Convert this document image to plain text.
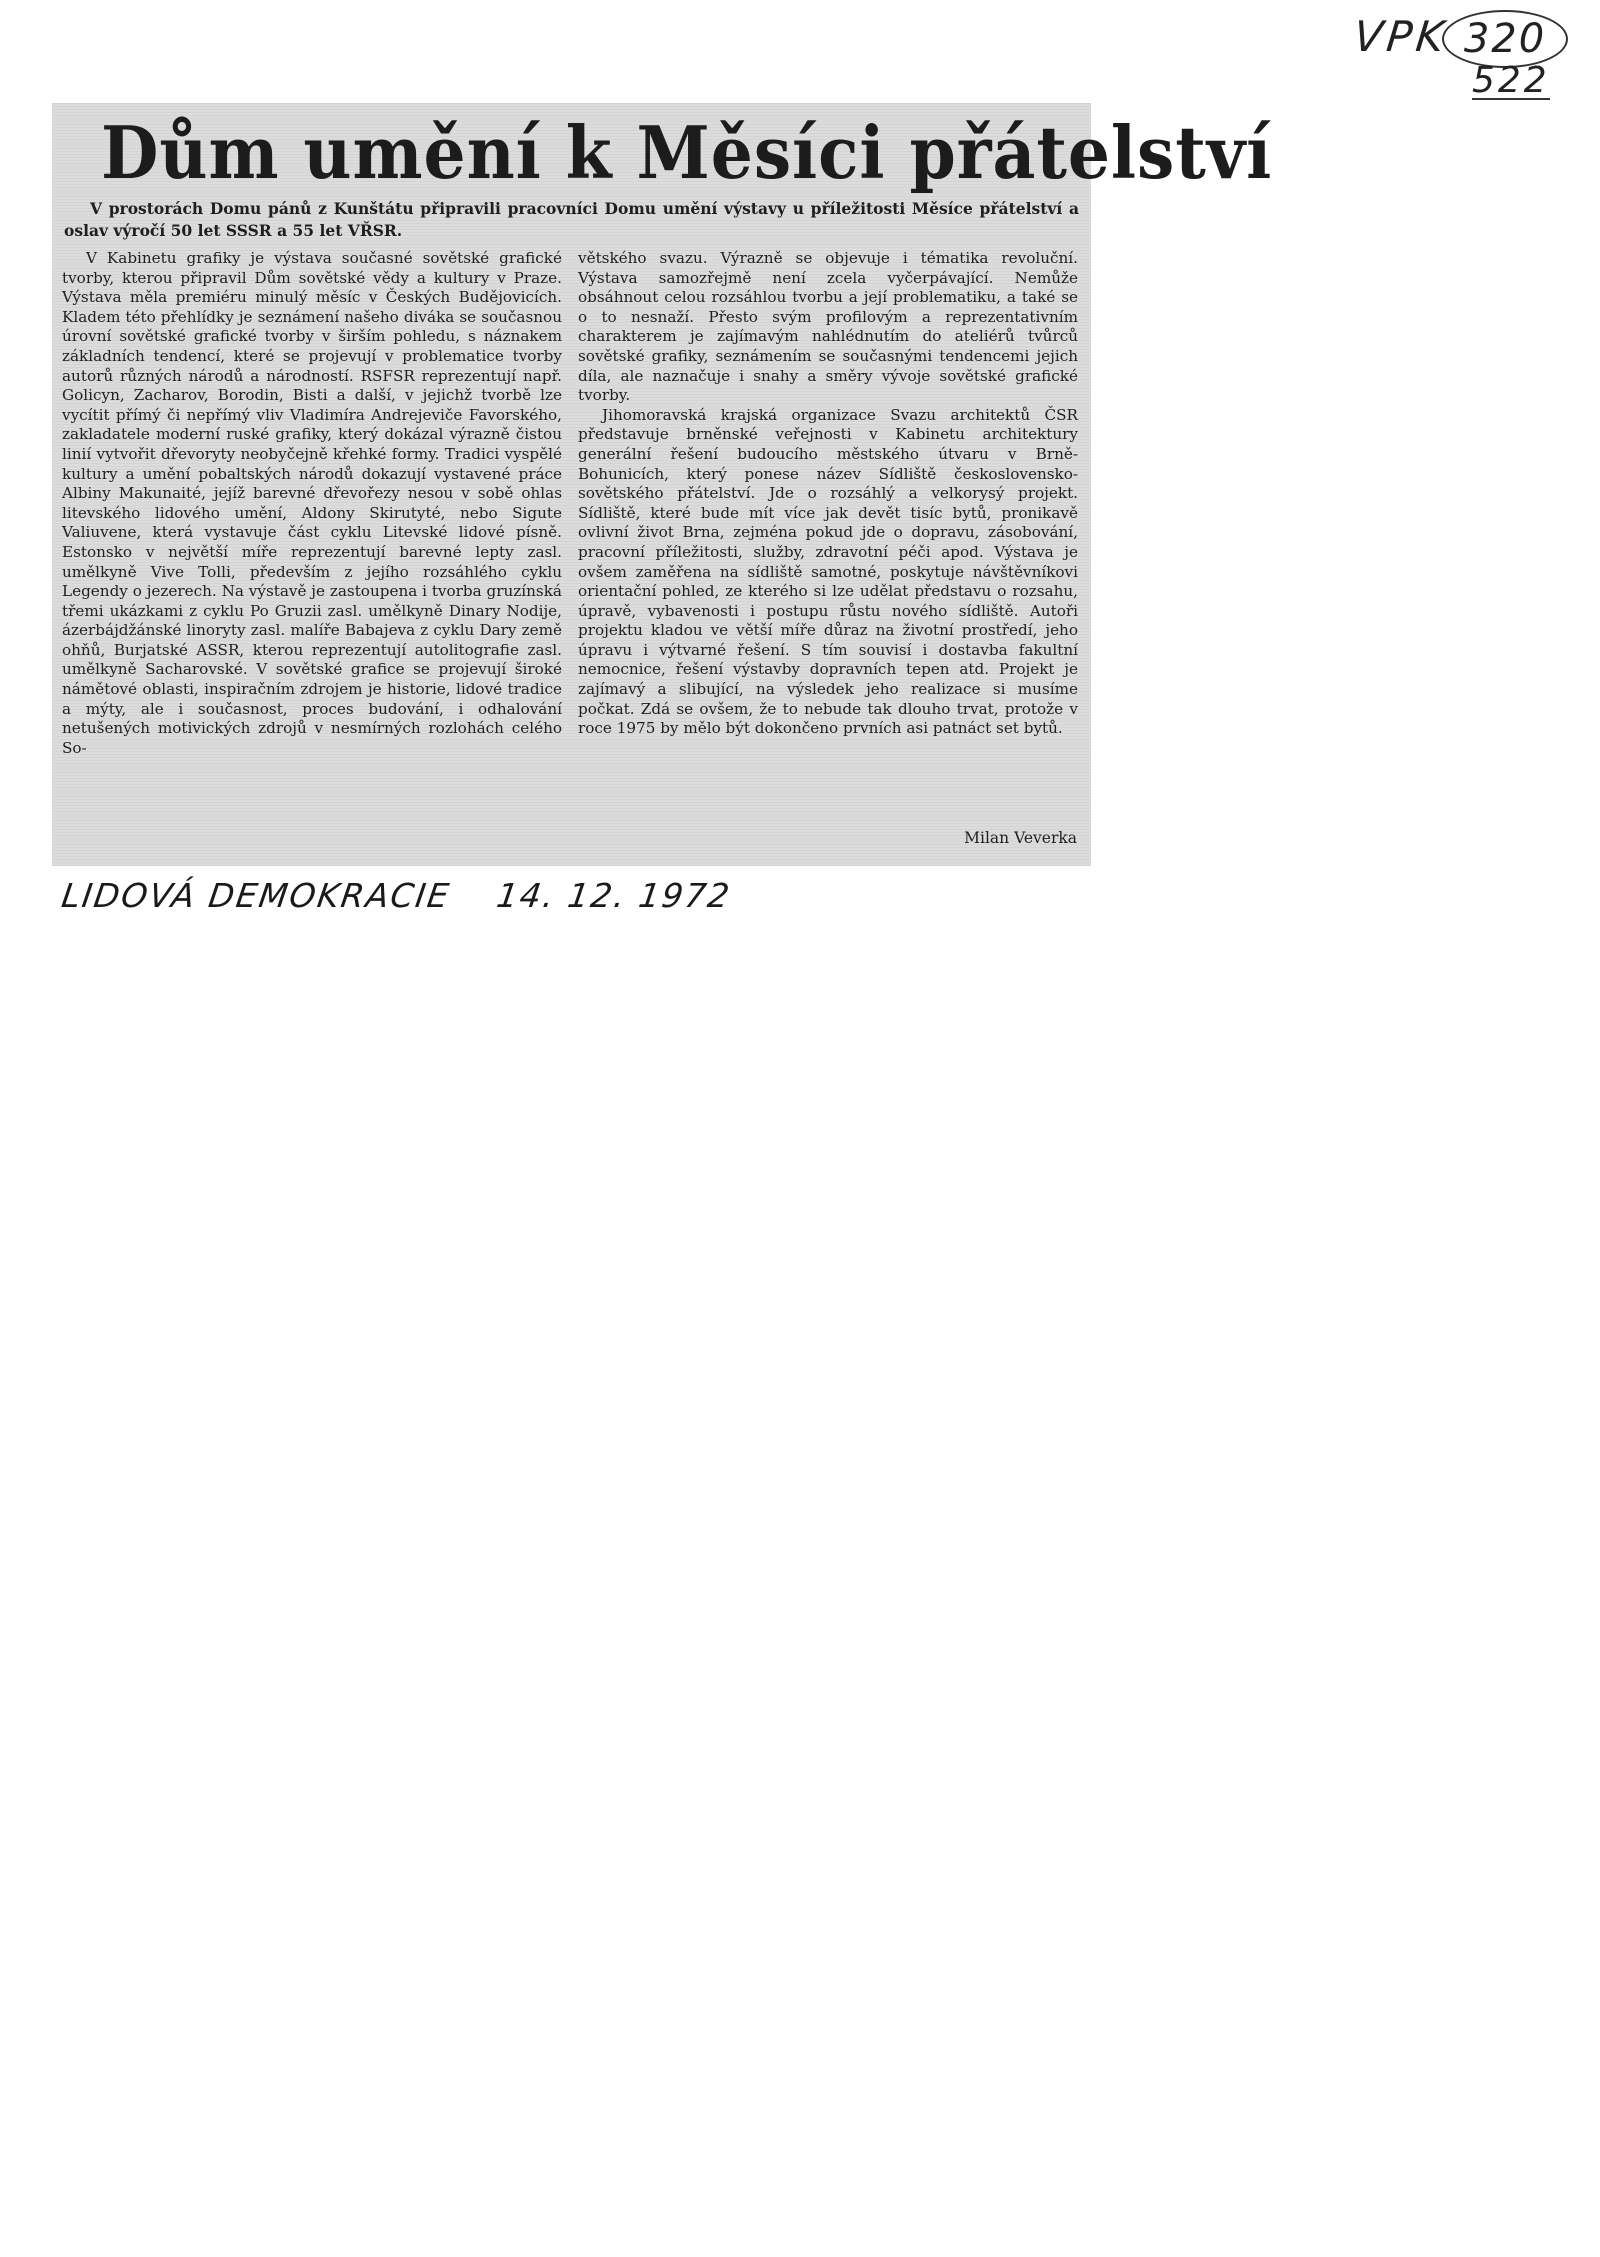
VPK 320
522
Dům umění k Měsíci přátelství
V prostorách Domu pánů z Kunštátu připravili pracovníci Domu umění výstavy u příležitosti Měsíce přátelství a oslav výročí 50 let SSSR a 55 let VŘSR.

V Kabinetu grafiky je výstava současné sovětské grafické tvorby, kterou připravil Dům sovětské vědy a kultury v Praze. Výstava měla premiéru minulý měsíc v Českých Budějovicích. Kladem této přehlídky je seznámení našeho diváka se současnou úrovní sovětské grafické tvorby v širším pohledu, s náznakem základních tendencí, které se projevují v problematice tvorby autorů různých národů a národností. RSFSR reprezentují např. Golicyn, Zacharov, Borodin, Bisti a další, v jejichž tvorbě lze vycítit přímý či nepřímý vliv Vladimíra Andrejeviče Favorského, zakladatele moderní ruské grafiky, který dokázal výrazně čistou linií vytvořit dřevoryty neobyčejně křehké formy. Tradici vyspělé kultury a umění pobaltských národů dokazují vystavené práce Albiny Makunaité, jejíž barevné dřevořezy nesou v sobě ohlas litevského lidového umění, Aldony Skirutyté, nebo Sigute Valiuvene, která vystavuje část cyklu Litevské lidové písně. Estonsko v největší míře reprezentují barevné lepty zasl. umělkyně Vive Tolli, především z jejího rozsáhlého cyklu Legendy o jezerech. Na výstavě je zastoupena i tvorba gruzínská třemi ukázkami z cyklu Po Gruzii zasl. umělkyně Dinary Nodije, ázerbájdžánské linoryty zasl. malíře Babajeva z cyklu Dary země ohňů, Burjatské ASSR, kterou reprezentují autolitografie zasl. umělkyně Sacharovské. V sovětské grafice se projevují široké námětové oblasti, inspiračním zdrojem je historie, lidové tradice a mýty, ale i současnost, proces budování, i odhalování netušených motivických zdrojů v nesmírných rozlohách celého So-

větského svazu. Výrazně se objevuje i tématika revoluční. Výstava samozřejmě není zcela vyčerpávající. Nemůže obsáhnout celou rozsáhlou tvorbu a její problematiku, a také se o to nesnaží. Přesto svým profilovým a reprezentativním charakterem je zajímavým nahlédnutím do ateliérů tvůrců sovětské grafiky, seznámením se současnými tendencemi jejich díla, ale naznačuje i snahy a směry vývoje sovětské grafické tvorby.

Jihomoravská krajská organizace Svazu architektů ČSR představuje brněnské veřejnosti v Kabinetu architektury generální řešení budoucího městského útvaru v Brně-Bohunicích, který ponese název Sídliště československo-sovětského přátelství. Jde o rozsáhlý a velkorysý projekt. Sídliště, které bude mít více jak devět tisíc bytů, pronikavě ovlivní život Brna, zejména pokud jde o dopravu, zásobování, pracovní příležitosti, služby, zdravotní péči apod. Výstava je ovšem zaměřena na sídliště samotné, poskytuje návštěvníkovi orientační pohled, ze kterého si lze udělat představu o rozsahu, úpravě, vybavenosti i postupu růstu nového sídliště. Autoři projektu kladou ve větší míře důraz na životní prostředí, jeho úpravu i výtvarné řešení. S tím souvisí i dostavba fakultní nemocnice, řešení výstavby dopravních tepen atd. Projekt je zajímavý a slibující, na výsledek jeho realizace si musíme počkat. Zdá se ovšem, že to nebude tak dlouho trvat, protože v roce 1975 by mělo být dokončeno prvních asi patnáct set bytů.

Milan Veverka
LIDOVÁ DEMOKRACIE 14. 12. 1972
